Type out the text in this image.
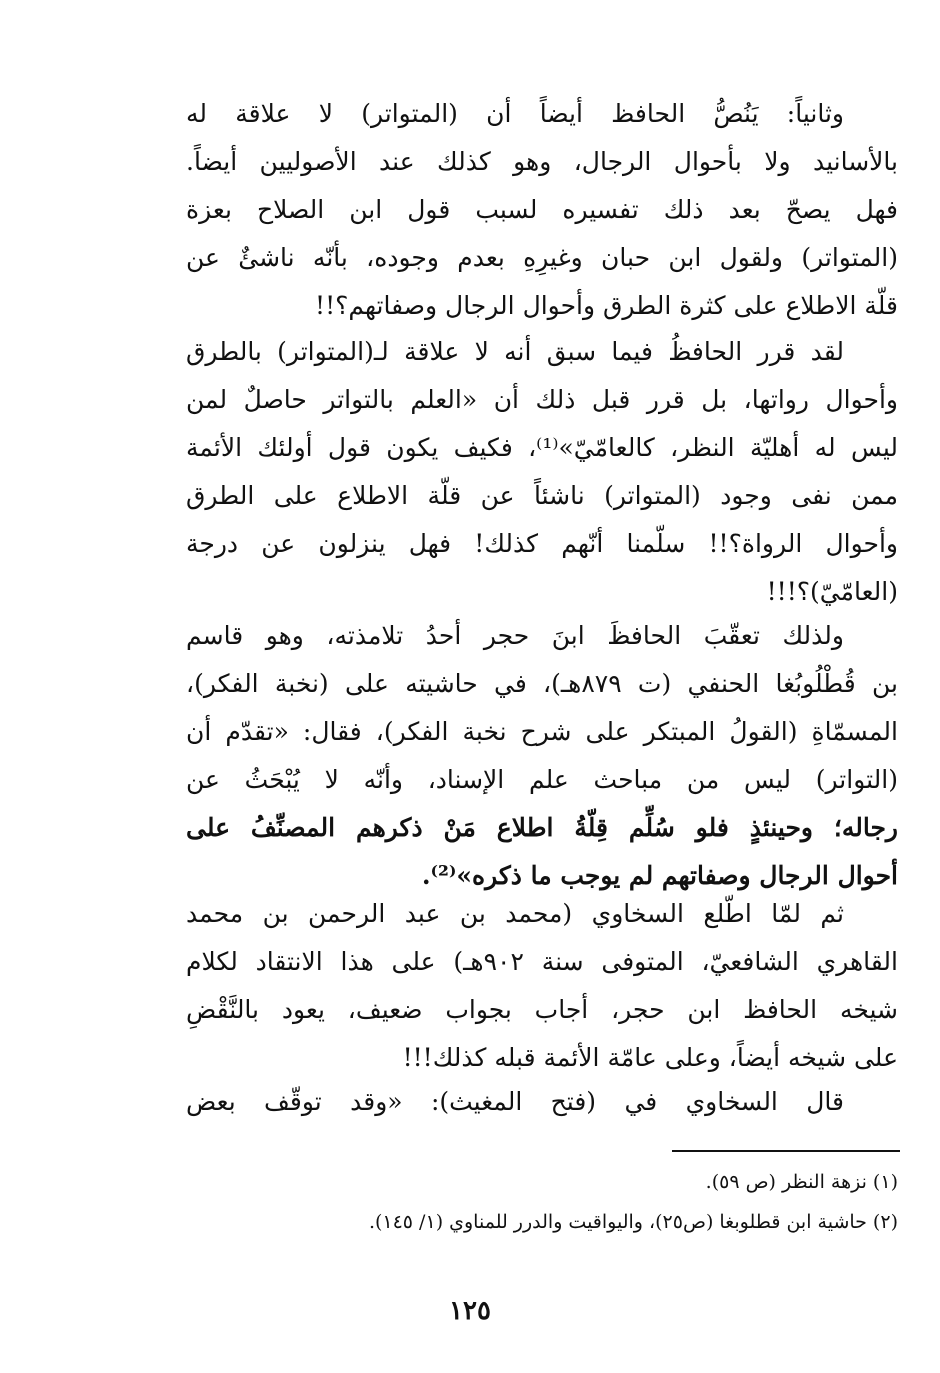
وثانياً: يَنُصُّ الحافظ أيضاً أن (المتواتر) لا علاقة له
بالأسانيد ولا بأحوال الرجال، وهو كذلك عند الأصوليين أيضاً.
فهل يصحّ بعد ذلك تفسيره لسبب قول ابن الصلاح بعزة
(المتواتر) ولقول ابن حبان وغيرِهِ بعدم وجوده، بأنّه ناشئٌ عن
قلّة الاطلاع على كثرة الطرق وأحوال الرجال وصفاتهم؟!!
لقد قرر الحافظُ فيما سبق أنه لا علاقة لـ(المتواتر) بالطرق
وأحوال رواتها، بل قرر قبل ذلك أن «العلم بالتواتر حاصلٌ لمن
ليس له أهليّة النظر، كالعامّيّ»⁽¹⁾، فكيف يكون قول أولئك الأئمة
ممن نفى وجود (المتواتر) ناشئاً عن قلّة الاطلاع على الطرق
وأحوال الرواة؟!! سلّمنا أنّهم كذلك! فهل ينزلون عن درجة
(العامّيّ)؟!!!
ولذلك تعقّبَ الحافظَ ابنَ حجر أحدُ تلامذته، وهو قاسم
بن قُطْلُوبُغا الحنفي (ت ٨٧٩هـ)، في حاشيته على (نخبة الفكر)،
المسمّاةِ (القولُ المبتكر على شرح نخبة الفكر)، فقال: «تقدّم أن
(التواتر) ليس من مباحث علم الإسناد، وأنّه لا يُبْحَثُ عن
رجاله؛ وحينئذٍ فلو سُلِّم قِلّةُ اطلاع مَنْ ذكرهم المصنِّفُ على
أحوال الرجال وصفاتهم لم يوجب ما ذكره»⁽²⁾.
ثم لمّا اطّلع السخاوي (محمد بن عبد الرحمن بن محمد
القاهري الشافعيّ، المتوفى سنة ٩٠٢هـ) على هذا الانتقاد لكلام
شيخه الحافظ ابن حجر، أجاب بجواب ضعيف، يعود بالنَّقْضِ
على شيخه أيضاً، وعلى عامّة الأئمة قبله كذلك!!!
قال السخاوي في (فتح المغيث): «وقد توقّف بعض
(١) نزهة النظر (ص ٥٩).
(٢) حاشية ابن قطلوبغا (ص٢٥)، واليواقيت والدرر للمناوي (١/ ١٤٥).
١٢٥
